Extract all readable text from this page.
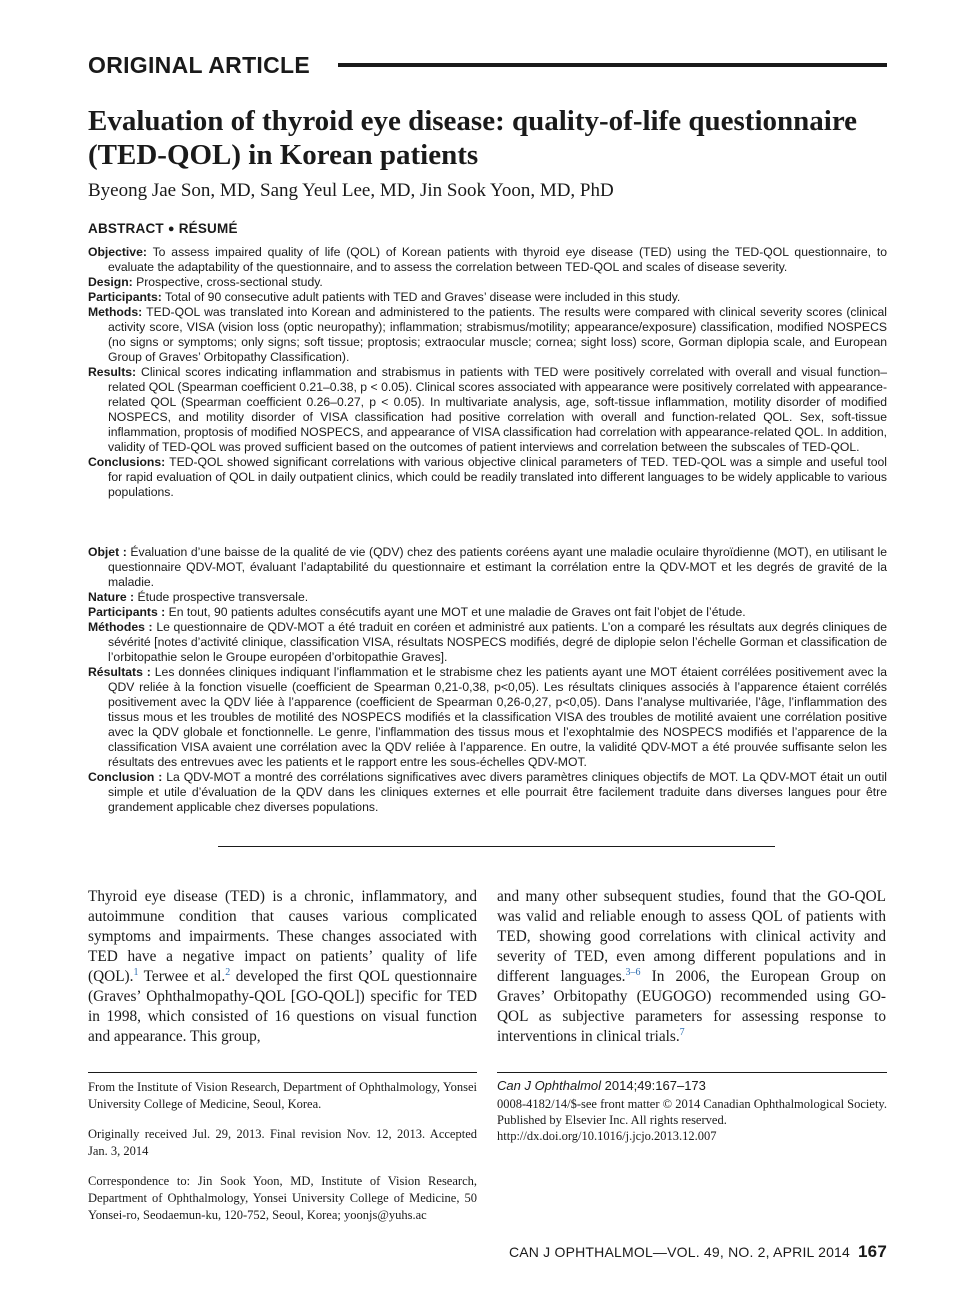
ORIGINAL ARTICLE
Evaluation of thyroid eye disease: quality-of-life questionnaire (TED-QOL) in Korean patients
Byeong Jae Son, MD, Sang Yeul Lee, MD, Jin Sook Yoon, MD, PhD
ABSTRACT ● RÉSUMÉ

Objective: To assess impaired quality of life (QOL) of Korean patients with thyroid eye disease (TED) using the TED-QOL questionnaire, to evaluate the adaptability of the questionnaire, and to assess the correlation between TED-QOL and scales of disease severity.

Design: Prospective, cross-sectional study.

Participants: Total of 90 consecutive adult patients with TED and Graves’ disease were included in this study.

Methods: TED-QOL was translated into Korean and administered to the patients. The results were compared with clinical severity scores (clinical activity score, VISA (vision loss (optic neuropathy); inflammation; strabismus/motility; appearance/exposure) classification, modified NOSPECS (no signs or symptoms; only signs; soft tissue; proptosis; extraocular muscle; cornea; sight loss) score, Gorman diplopia scale, and European Group of Graves’ Orbitopathy Classification).

Results: Clinical scores indicating inflammation and strabismus in patients with TED were positively correlated with overall and visual function–related QOL (Spearman coefficient 0.21–0.38, p < 0.05). Clinical scores associated with appearance were positively correlated with appearance-related QOL (Spearman coefficient 0.26–0.27, p < 0.05). In multivariate analysis, age, soft-tissue inflammation, motility disorder of modified NOSPECS, and motility disorder of VISA classification had positive correlation with overall and function-related QOL. Sex, soft-tissue inflammation, proptosis of modified NOSPECS, and appearance of VISA classification had correlation with appearance-related QOL. In addition, validity of TED-QOL was proved sufficient based on the outcomes of patient interviews and correlation between the subscales of TED-QOL.

Conclusions: TED-QOL showed significant correlations with various objective clinical parameters of TED. TED-QOL was a simple and useful tool for rapid evaluation of QOL in daily outpatient clinics, which could be readily translated into different languages to be widely applicable to various populations.

Objet : Évaluation d’une baisse de la qualité de vie (QDV) chez des patients coréens ayant une maladie oculaire thyroïdienne (MOT), en utilisant le questionnaire QDV-MOT, évaluant l’adaptabilité du questionnaire et estimant la corrélation entre la QDV-MOT et les degrés de gravité de la maladie.

Nature : Étude prospective transversale.

Participants : En tout, 90 patients adultes consécutifs ayant une MOT et une maladie de Graves ont fait l’objet de l’étude.

Méthodes : Le questionnaire de QDV-MOT a été traduit en coréen et administré aux patients. L’on a comparé les résultats aux degrés cliniques de sévérité [notes d’activité clinique, classification VISA, résultats NOSPECS modifiés, degré de diplopie selon l’échelle Gorman et classification de l’orbitopathie selon le Groupe européen d’orbitopathie Graves].

Résultats : Les données cliniques indiquant l’inflammation et le strabisme chez les patients ayant une MOT étaient corrélées positivement avec la QDV reliée à la fonction visuelle (coefficient de Spearman 0,21-0,38, p<0,05). Les résultats cliniques associés à l’apparence étaient corrélés positivement avec la QDV liée à l’apparence (coefficient de Spearman 0,26-0,27, p<0,05). Dans l’analyse multivariée, l’âge, l’inflammation des tissus mous et les troubles de motilité des NOSPECS modifiés et la classification VISA des troubles de motilité avaient une corrélation positive avec la QDV globale et fonctionnelle. Le genre, l’inflammation des tissus mous et l’exophtalmie des NOSPECS modifiés et l’apparence de la classification VISA avaient une corrélation avec la QDV reliée à l’apparence. En outre, la validité QDV-MOT a été prouvée suffisante selon les résultats des entrevues avec les patients et le rapport entre les sous-échelles QDV-MOT.

Conclusion : La QDV-MOT a montré des corrélations significatives avec divers paramètres cliniques objectifs de MOT. La QDV-MOT était un outil simple et utile d’évaluation de la QDV dans les cliniques externes et elle pourrait être facilement traduite dans diverses langues pour être grandement applicable chez diverses populations.

Thyroid eye disease (TED) is a chronic, inflammatory, and autoimmune condition that causes various complicated symptoms and impairments. These changes associated with TED have a negative impact on patients’ quality of life (QOL).$^1$ Terwee et al.$^2$ developed the first QOL questionnaire (Graves’ Ophthalmopathy-QOL [GO-QOL]) specific for TED in 1998, which consisted of 16 questions on visual function and appearance. This group,
and many other subsequent studies, found that the GO-QOL was valid and reliable enough to assess QOL of patients with TED, showing good correlations with clinical activity and severity of TED, even among different populations and in different languages.$^{3-6}$ In 2006, the European Group on Graves’ Orbitopathy (EUGOGO) recommended using GO-QOL as subjective parameters for assessing response to interventions in clinical trials.$^7$
From the Institute of Vision Research, Department of Ophthalmology, Yonsei University College of Medicine, Seoul, Korea.
Originally received Jul. 29, 2013. Final revision Nov. 12, 2013. Accepted Jan. 3, 2014
Correspondence to: Jin Sook Yoon, MD, Institute of Vision Research, Department of Ophthalmology, Yonsei University College of Medicine, 50 Yonsei-ro, Seodaemun-ku, 120-752, Seoul, Korea; yoonjs@yuhs.ac
Can J Ophthalmol 2014;49:167–173
0008-4182/14/$-see front matter © 2014 Canadian Ophthalmological Society. Published by Elsevier Inc. All rights reserved.
http://dx.doi.org/10.1016/j.jcjo.2013.12.007
CAN J OPHTHALMOL—VOL. 49, NO. 2, APRIL 2014 167
